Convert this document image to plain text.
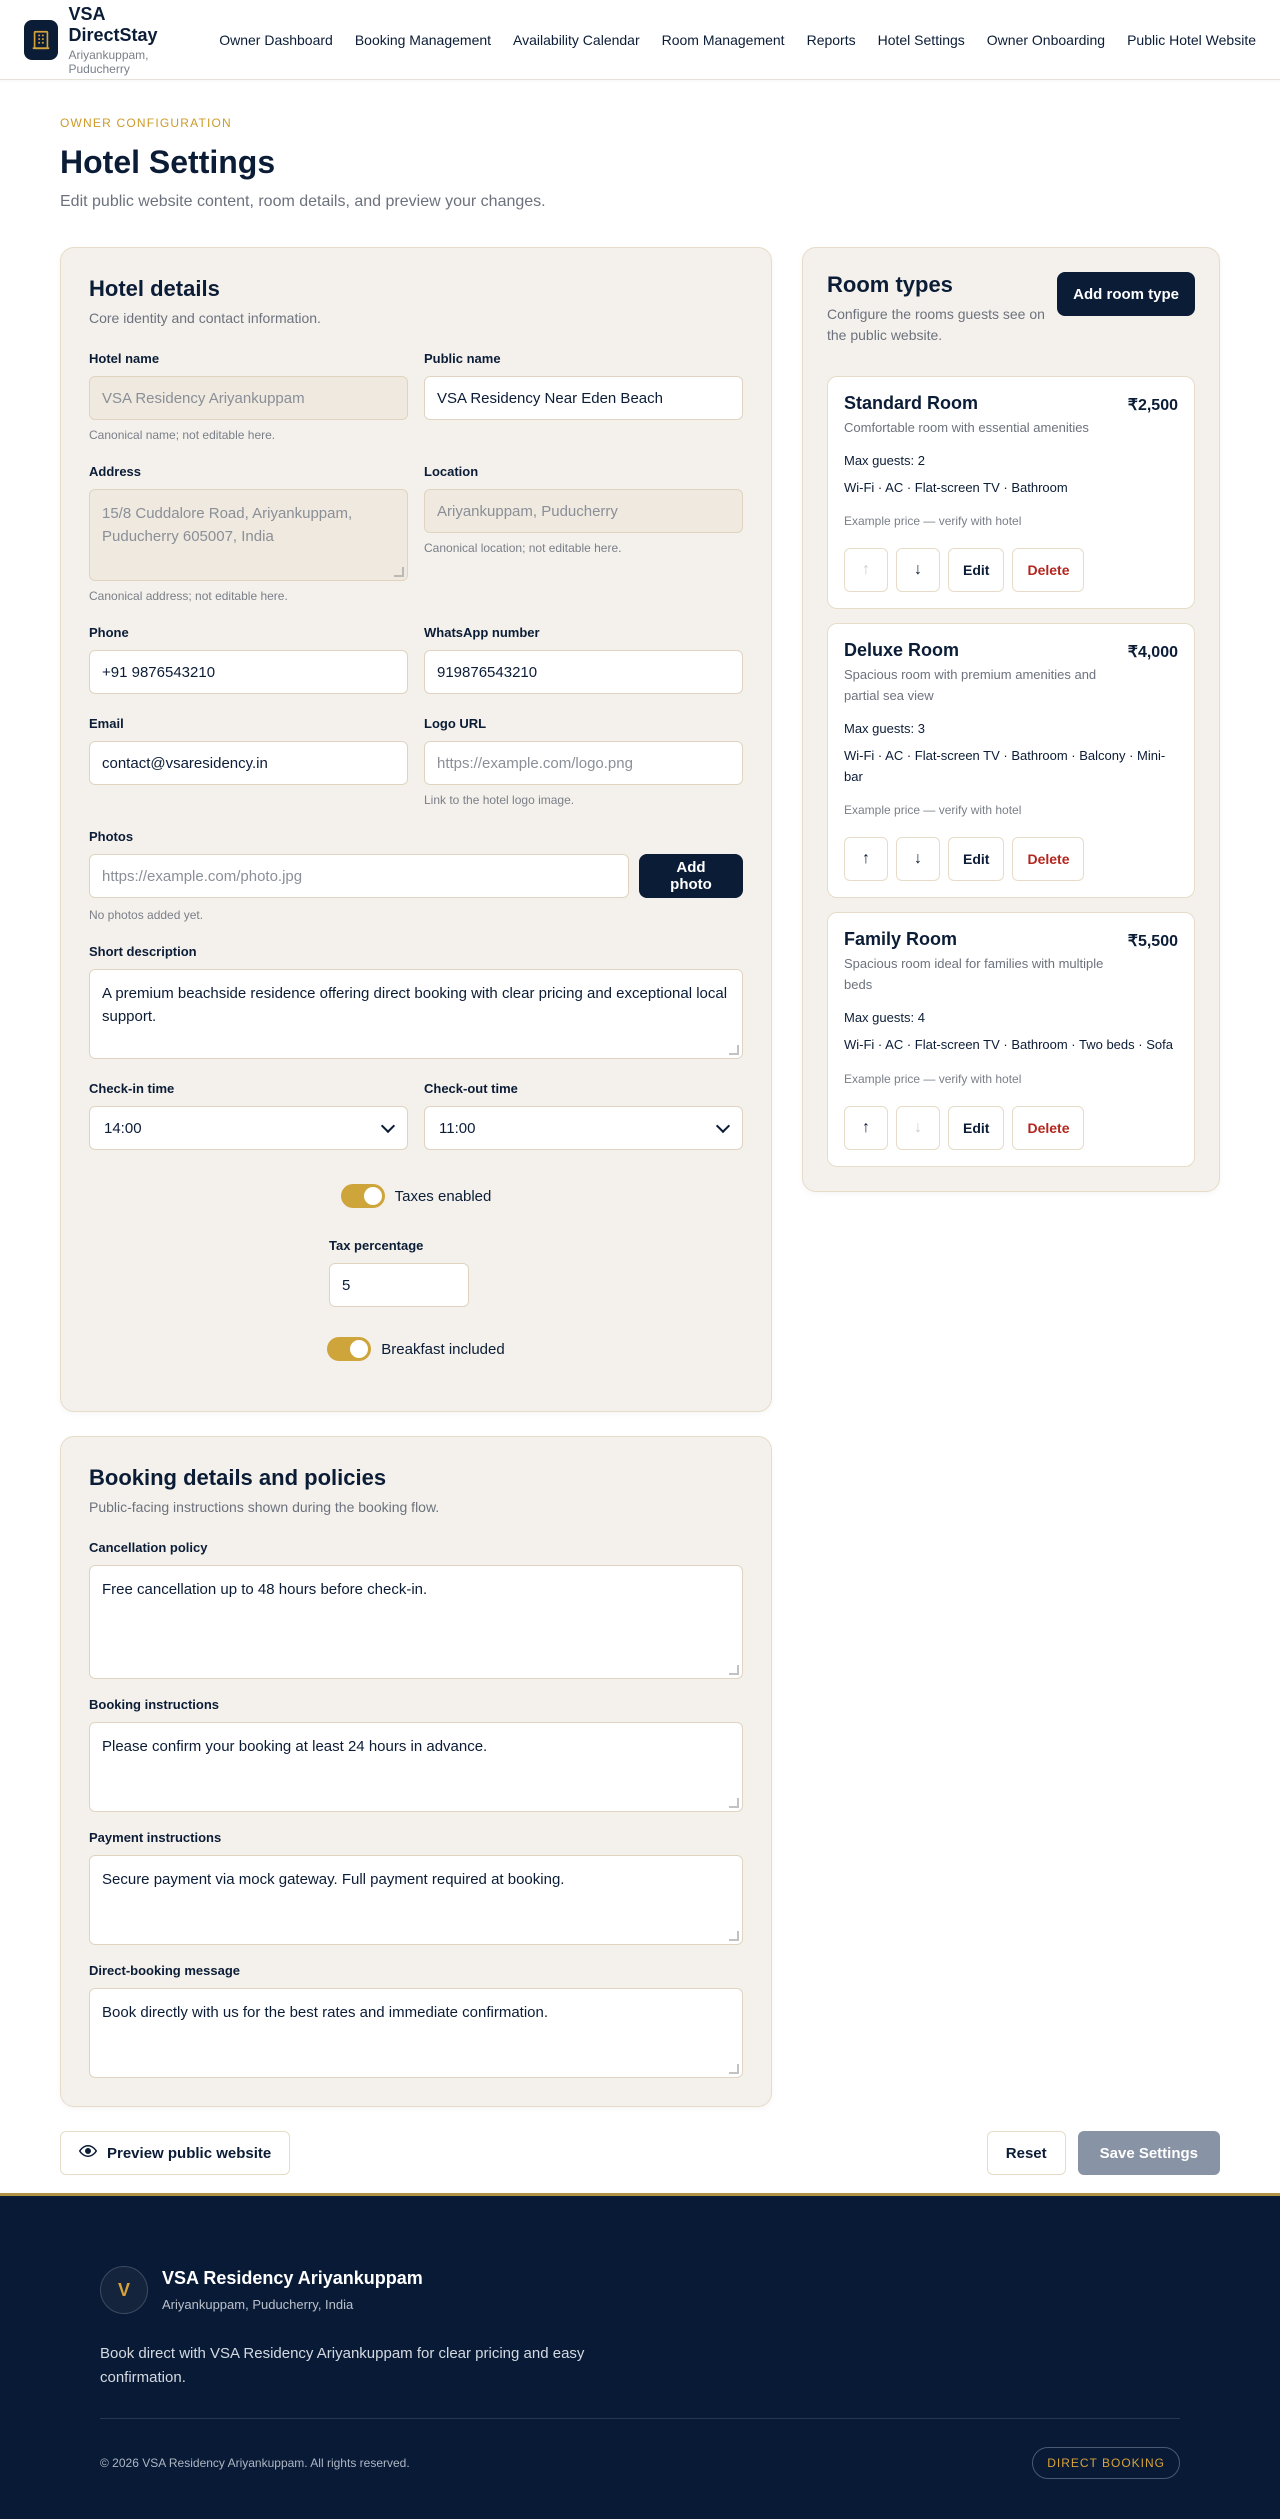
VSA DirectStay
Ariyankuppam, Puducherry
Owner Dashboard Booking Management Availability Calendar Room Management Reports Hotel Settings Owner Onboarding Public Hotel Website
OWNER CONFIGURATION
Hotel Settings

Edit public website content, room details, and preview your changes.

Hotel details

Core identity and contact information.

Hotel name
VSA Residency Ariyankuppam
Canonical name; not editable here.
Public name
VSA Residency Near Eden Beach
Address
15/8 Cuddalore Road, Ariyankuppam, Puducherry 605007, India
Canonical address; not editable here.
Location
Ariyankuppam, Puducherry
Canonical location; not editable here.
Phone
+91 9876543210
WhatsApp number
919876543210
Email
contact@vsaresidency.in
Logo URL
https://example.com/logo.png
Link to the hotel logo image.
Photos
https://example.com/photo.jpg	Add photo
No photos added yet.
Short description
A premium beachside residence offering direct booking with clear pricing and exceptional local support.
Check-in time
14:00
Check-out time
11:00
Taxes enabled
Tax percentage
5
Breakfast included
Booking details and policies

Public-facing instructions shown during the booking flow.

Cancellation policy
Free cancellation up to 48 hours before check-in.
Booking instructions
Please confirm your booking at least 24 hours in advance.
Payment instructions
Secure payment via mock gateway. Full payment required at booking.
Direct-booking message
Book directly with us for the best rates and immediate confirmation.
Room types

Configure the rooms guests see on the public website.

Add room type
Standard Room
Comfortable room with essential amenities
₹2,500
Max guests: 2
Wi-Fi · AC · Flat-screen TV · Bathroom
Example price — verify with hotel
↑	↓	Edit	Delete
Deluxe Room
Spacious room with premium amenities and partial sea view
₹4,000
Max guests: 3
Wi-Fi · AC · Flat-screen TV · Bathroom · Balcony · Mini-bar
Example price — verify with hotel
↑	↓	Edit	Delete
Family Room
Spacious room ideal for families with multiple beds
₹5,500
Max guests: 4
Wi-Fi · AC · Flat-screen TV · Bathroom · Two beds · Sofa
Example price — verify with hotel
↑	↓	Edit	Delete
Preview public website	Reset	Save Settings
V
VSA Residency Ariyankuppam
Ariyankuppam, Puducherry, India

Book direct with VSA Residency Ariyankuppam for clear pricing and easy confirmation.

© 2026 VSA Residency Ariyankuppam. All rights reserved.	DIRECT BOOKING
